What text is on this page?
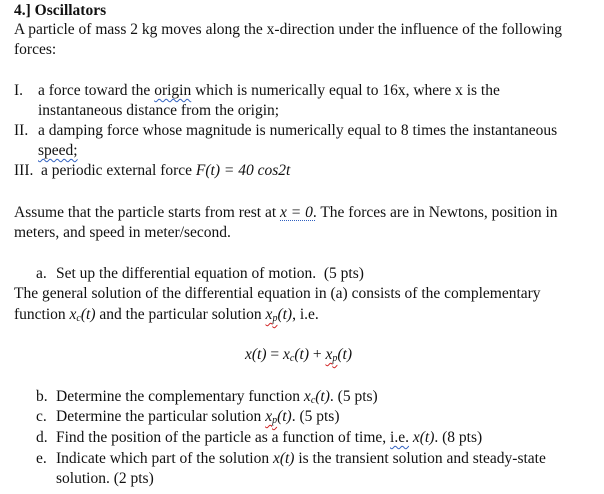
4.] Oscillators
A particle of mass 2 kg moves along the x-direction under the influence of the following
forces:
I. a force toward the origin which is numerically equal to 16x, where x is the
instantaneous distance from the origin;
II. a damping force whose magnitude is numerically equal to 8 times the instantaneous
speed;
III. a periodic external force F(t) = 40 cos2t
Assume that the particle starts from rest at x = 0. The forces are in Newtons, position in
meters, and speed in meter/second.
a. Set up the differential equation of motion. (5 pts)
The general solution of the differential equation in (a) consists of the complementary
function $x_c(t)$ and the particular solution $x_p(t)$, i.e.
$x(t) = x_c(t) + x_p(t)$
b. Determine the complementary function $x_c(t)$. (5 pts)
c. Determine the particular solution $x_p(t)$. (5 pts)
d. Find the position of the particle as a function of time, i.e. x(t). (8 pts)
e. Indicate which part of the solution x(t) is the transient solution and steady-state
solution. (2 pts)
